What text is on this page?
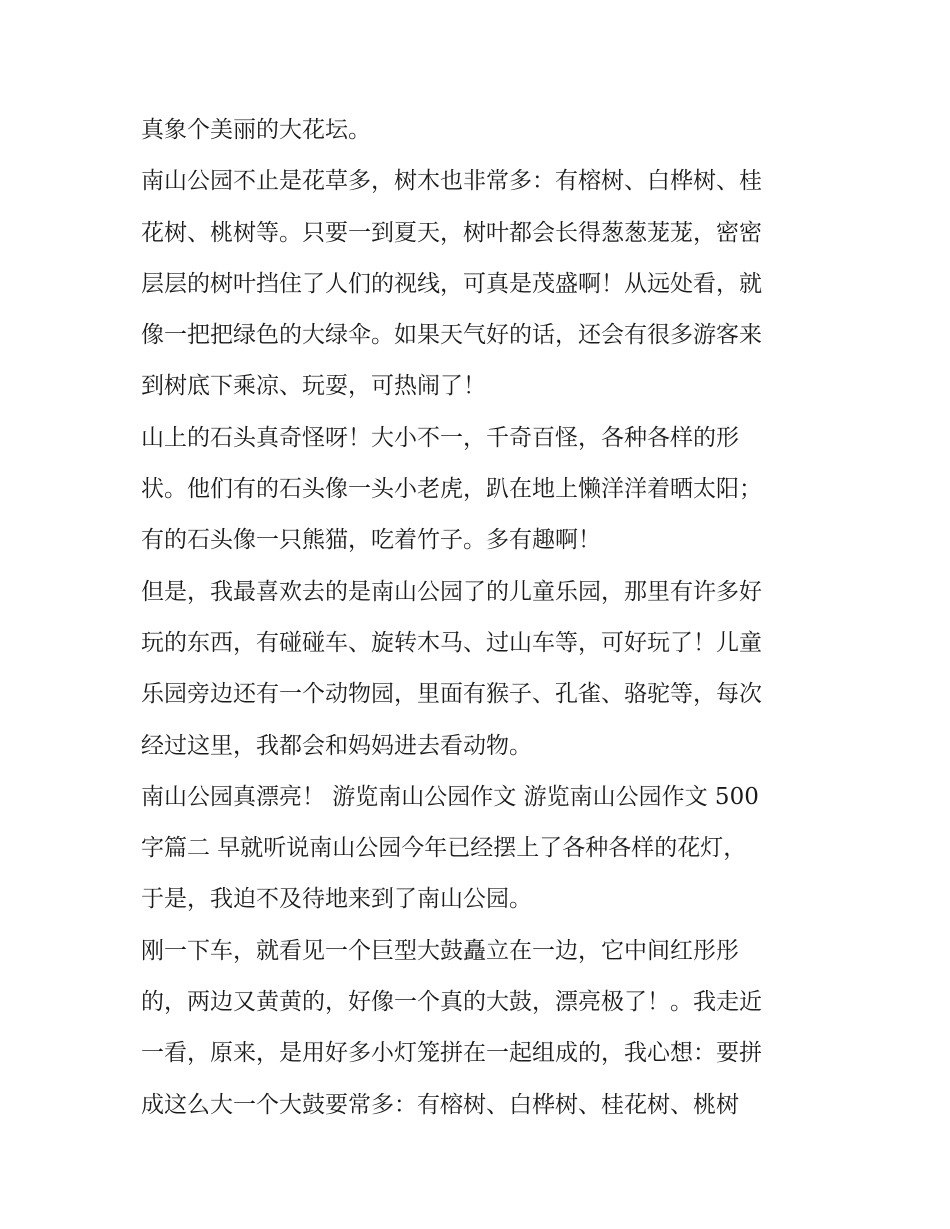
真象个美丽的大花坛。
南山公园不止是花草多，树木也非常多：有榕树、白桦树、桂
花树、桃树等。只要一到夏天，树叶都会长得葱葱茏茏，密密
层层的树叶挡住了人们的视线，可真是茂盛啊！从远处看，就
像一把把绿色的大绿伞。如果天气好的话，还会有很多游客来
到树底下乘凉、玩耍，可热闹了！
山上的石头真奇怪呀！大小不一，千奇百怪，各种各样的形
状。他们有的石头像一头小老虎，趴在地上懒洋洋着晒太阳；
有的石头像一只熊猫，吃着竹子。多有趣啊！
但是，我最喜欢去的是南山公园了的儿童乐园，那里有许多好
玩的东西，有碰碰车、旋转木马、过山车等，可好玩了！儿童
乐园旁边还有一个动物园，里面有猴子、孔雀、骆驼等，每次
经过这里，我都会和妈妈进去看动物。
南山公园真漂亮！ 游览南山公园作文 游览南山公园作文 500
字篇二 早就听说南山公园今年已经摆上了各种各样的花灯，
于是，我迫不及待地来到了南山公园。
刚一下车，就看见一个巨型大鼓矗立在一边，它中间红彤彤
的，两边又黄黄的，好像一个真的大鼓，漂亮极了！。我走近
一看，原来，是用好多小灯笼拼在一起组成的，我心想：要拼
成这么大一个大鼓要常多：有榕树、白桦树、桂花树、桃树
